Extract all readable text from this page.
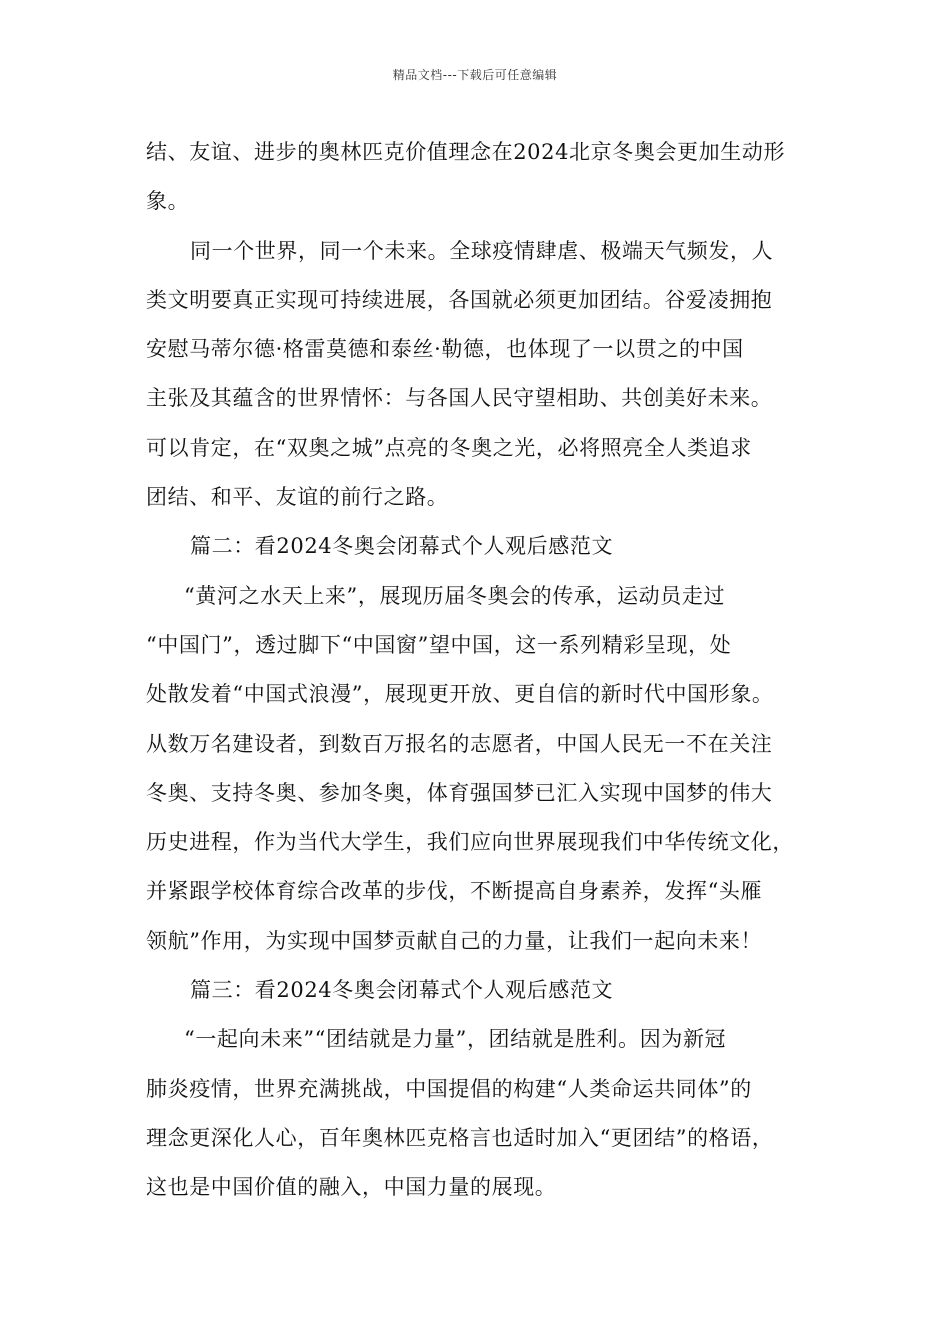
精品文档---下载后可任意编辑
结、友谊、进步的奥林匹克价值理念在2024北京冬奥会更加生动形
象。
同一个世界，同一个未来。全球疫情肆虐、极端天气频发，人
类文明要真正实现可持续进展，各国就必须更加团结。谷爱凌拥抱
安慰马蒂尔德·格雷莫德和泰丝·勒德，也体现了一以贯之的中国
主张及其蕴含的世界情怀：与各国人民守望相助、共创美好未来。
可以肯定，在“双奥之城”点亮的冬奥之光，必将照亮全人类追求
团结、和平、友谊的前行之路。
篇二：看2024冬奥会闭幕式个人观后感范文
“黄河之水天上来”，展现历届冬奥会的传承，运动员走过
“中国门”，透过脚下“中国窗”望中国，这一系列精彩呈现，处
处散发着“中国式浪漫”，展现更开放、更自信的新时代中国形象。
从数万名建设者，到数百万报名的志愿者，中国人民无一不在关注
冬奥、支持冬奥、参加冬奥，体育强国梦已汇入实现中国梦的伟大
历史进程，作为当代大学生，我们应向世界展现我们中华传统文化，
并紧跟学校体育综合改革的步伐，不断提高自身素养，发挥“头雁
领航”作用，为实现中国梦贡献自己的力量，让我们一起向未来！
篇三：看2024冬奥会闭幕式个人观后感范文
“一起向未来”“团结就是力量”，团结就是胜利。因为新冠
肺炎疫情，世界充满挑战，中国提倡的构建“人类命运共同体”的
理念更深化人心，百年奥林匹克格言也适时加入“更团结”的格语，
这也是中国价值的融入，中国力量的展现。
